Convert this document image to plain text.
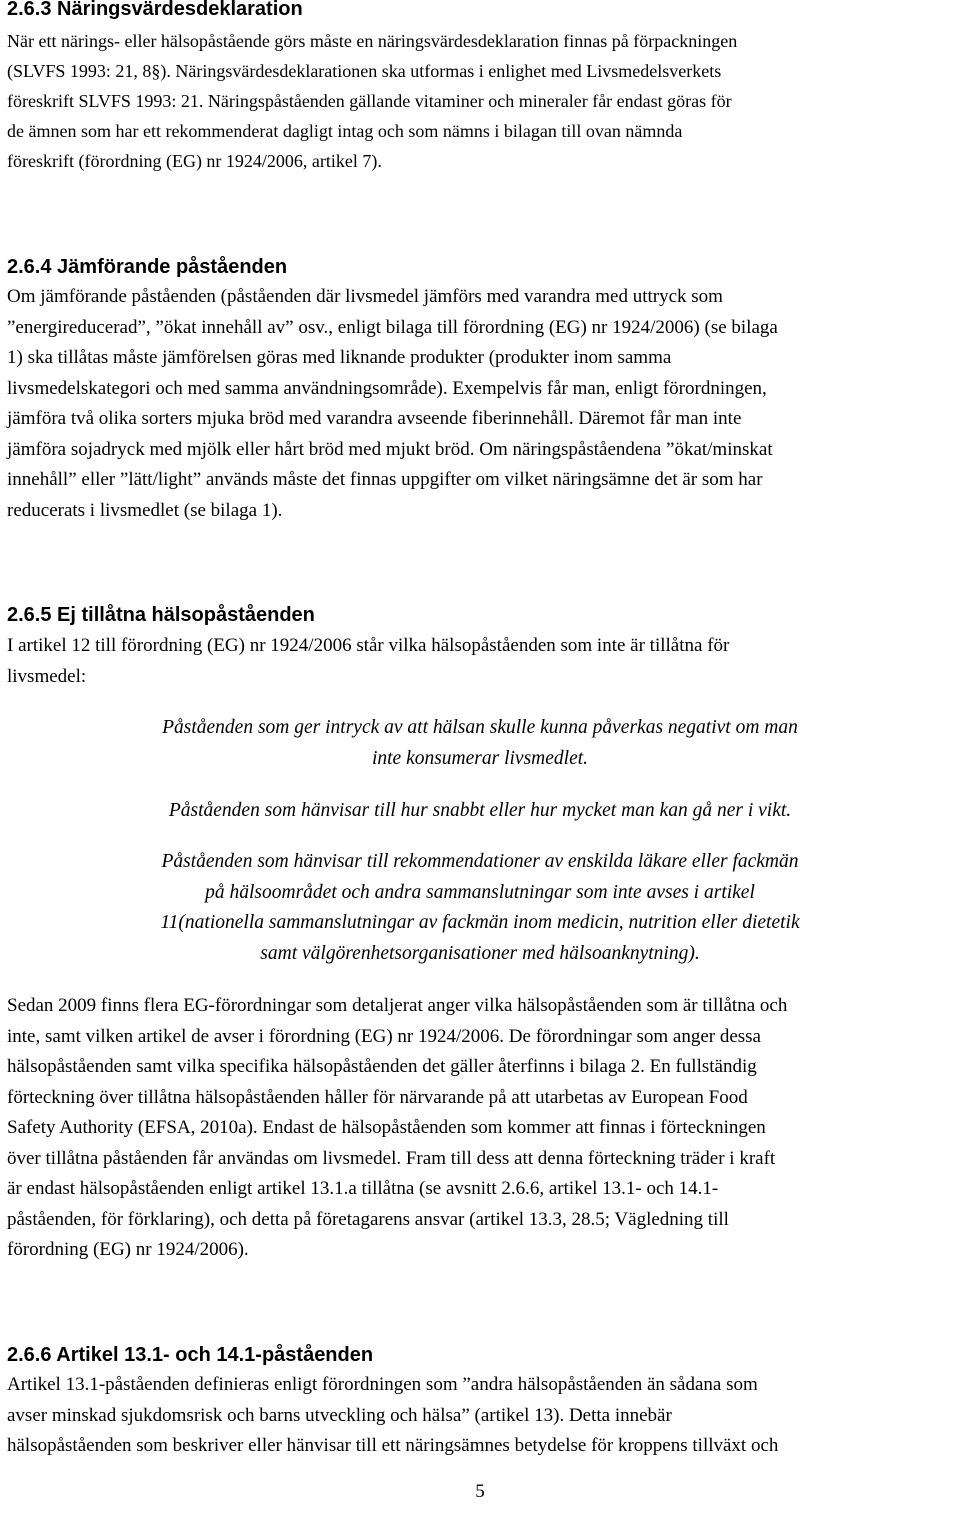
2.6.3 Näringsvärdesdeklaration
När ett närings- eller hälsopåstående görs måste en näringsvärdesdeklaration finnas på förpackningen
(SLVFS 1993: 21, 8§). Näringsvärdesdeklarationen ska utformas i enlighet med Livsmedelsverkets
föreskrift SLVFS 1993: 21. Näringspåståenden gällande vitaminer och mineraler får endast göras för
de ämnen som har ett rekommenderat dagligt intag och som nämns i bilagan till ovan nämnda
föreskrift (förordning (EG) nr 1924/2006, artikel 7).
2.6.4 Jämförande påståenden
Om jämförande påståenden (påståenden där livsmedel jämförs med varandra med uttryck som
”energireducerad”, ”ökat innehåll av” osv., enligt bilaga till förordning (EG) nr 1924/2006) (se bilaga
1) ska tillåtas måste jämförelsen göras med liknande produkter (produkter inom samma
livsmedelskategori och med samma användningsområde). Exempelvis får man, enligt förordningen,
jämföra två olika sorters mjuka bröd med varandra avseende fiberinnehåll. Däremot får man inte
jämföra sojadryck med mjölk eller hårt bröd med mjukt bröd. Om näringspåståendena ”ökat/minskat
innehåll” eller ”lätt/light” används måste det finnas uppgifter om vilket näringsämne det är som har
reducerats i livsmedlet (se bilaga 1).
2.6.5 Ej tillåtna hälsopåståenden
I artikel 12 till förordning (EG) nr 1924/2006 står vilka hälsopåståenden som inte är tillåtna för
livsmedel:
Påståenden som ger intryck av att hälsan skulle kunna påverkas negativt om man
inte konsumerar livsmedlet.
Påståenden som hänvisar till hur snabbt eller hur mycket man kan gå ner i vikt.
Påståenden som hänvisar till rekommendationer av enskilda läkare eller fackmän
på hälsoområdet och andra sammanslutningar som inte avses i artikel
11(nationella sammanslutningar av fackmän inom medicin, nutrition eller dietetik
samt välgörenhetsorganisationer med hälsoanknytning).
Sedan 2009 finns flera EG-förordningar som detaljerat anger vilka hälsopåståenden som är tillåtna och
inte, samt vilken artikel de avser i förordning (EG) nr 1924/2006. De förordningar som anger dessa
hälsopåståenden samt vilka specifika hälsopåståenden det gäller återfinns i bilaga 2. En fullständig
förteckning över tillåtna hälsopåståenden håller för närvarande på att utarbetas av European Food
Safety Authority (EFSA, 2010a). Endast de hälsopåståenden som kommer att finnas i förteckningen
över tillåtna påståenden får användas om livsmedel. Fram till dess att denna förteckning träder i kraft
är endast hälsopåståenden enligt artikel 13.1.a tillåtna (se avsnitt 2.6.6, artikel 13.1- och 14.1-
påståenden, för förklaring), och detta på företagarens ansvar (artikel 13.3, 28.5; Vägledning till
förordning (EG) nr 1924/2006).
2.6.6 Artikel 13.1- och 14.1-påståenden
Artikel 13.1-påståenden definieras enligt förordningen som ”andra hälsopåståenden än sådana som
avser minskad sjukdomsrisk och barns utveckling och hälsa” (artikel 13). Detta innebär
hälsopåståenden som beskriver eller hänvisar till ett näringsämnes betydelse för kroppens tillväxt och

5
